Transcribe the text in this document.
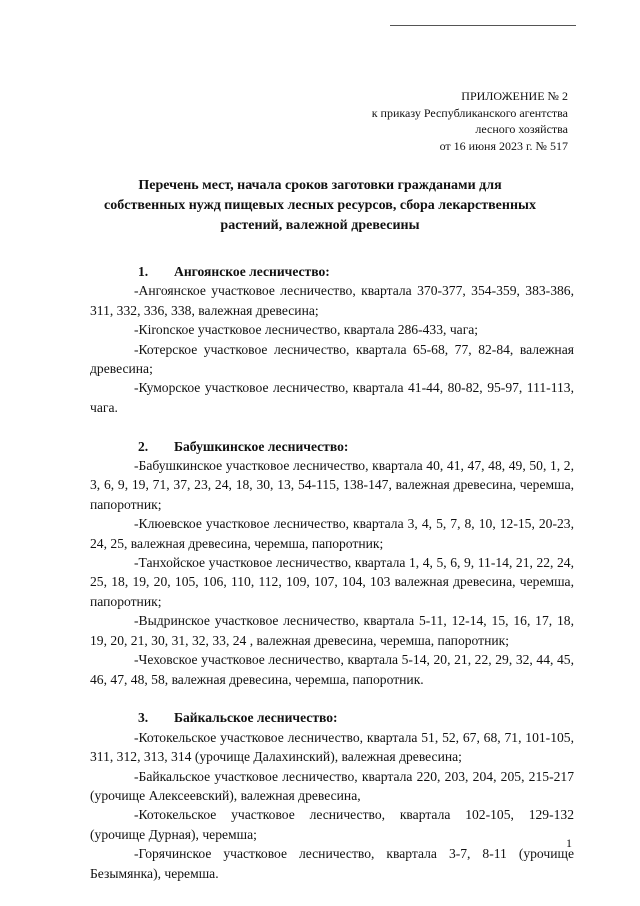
ПРИЛОЖЕНИЕ № 2
к приказу Республиканского агентства
лесного хозяйства
от 16 июня 2023 г. № 517
Перечень мест, начала сроков заготовки гражданами для
собственных нужд пищевых лесных ресурсов, сбора лекарственных
растений, валежной древесины
1.	Ангоянское лесничество:
-Ангоянское участковое лесничество, квартала 370-377, 354-359, 383-386, 311, 332, 336, 338, валежная древесина;
-Кironское участковое лесничество, квартала 286-433, чага;
-Котерское участковое лесничество, квартала 65-68, 77, 82-84, валежная древесина;
-Куморское участковое лесничество, квартала 41-44, 80-82, 95-97, 111-113, чага.
2.	Бабушкинское лесничество:
-Бабушкинское участковое лесничество, квартала 40, 41, 47, 48, 49, 50, 1, 2, 3, 6, 9, 19, 71, 37, 23, 24, 18, 30, 13, 54-115, 138-147, валежная древесина, черемша, папоротник;
-Клюевское участковое лесничество, квартала 3, 4, 5, 7, 8, 10, 12-15, 20-23, 24, 25, валежная древесина, черемша, папоротник;
-Танхойское участковое лесничество, квартала 1, 4, 5, 6, 9, 11-14, 21, 22, 24, 25, 18, 19, 20, 105, 106, 110, 112, 109, 107, 104, 103 валежная древесина, черемша, папоротник;
-Выдринское участковое лесничество, квартала 5-11, 12-14, 15, 16, 17, 18, 19, 20, 21, 30, 31, 32, 33, 24 , валежная древесина, черемша, папоротник;
-Чеховское участковое лесничество, квартала 5-14, 20, 21, 22, 29, 32, 44, 45, 46, 47, 48, 58, валежная древесина, черемша, папоротник.
3.	Байкальское лесничество:
-Котокельское участковое лесничество, квартала 51, 52, 67, 68, 71, 101-105, 311, 312, 313, 314 (урочище Далахинский), валежная древесина;
-Байкальское участковое лесничество, квартала 220, 203, 204, 205, 215-217 (урочище Алексеевский), валежная древесина,
-Котокельское участковое лесничество, квартала 102-105, 129-132 (урочище Дурная), черемша;
-Горячинское участковое лесничество, квартала 3-7, 8-11 (урочище Безымянка), черемша.
1
